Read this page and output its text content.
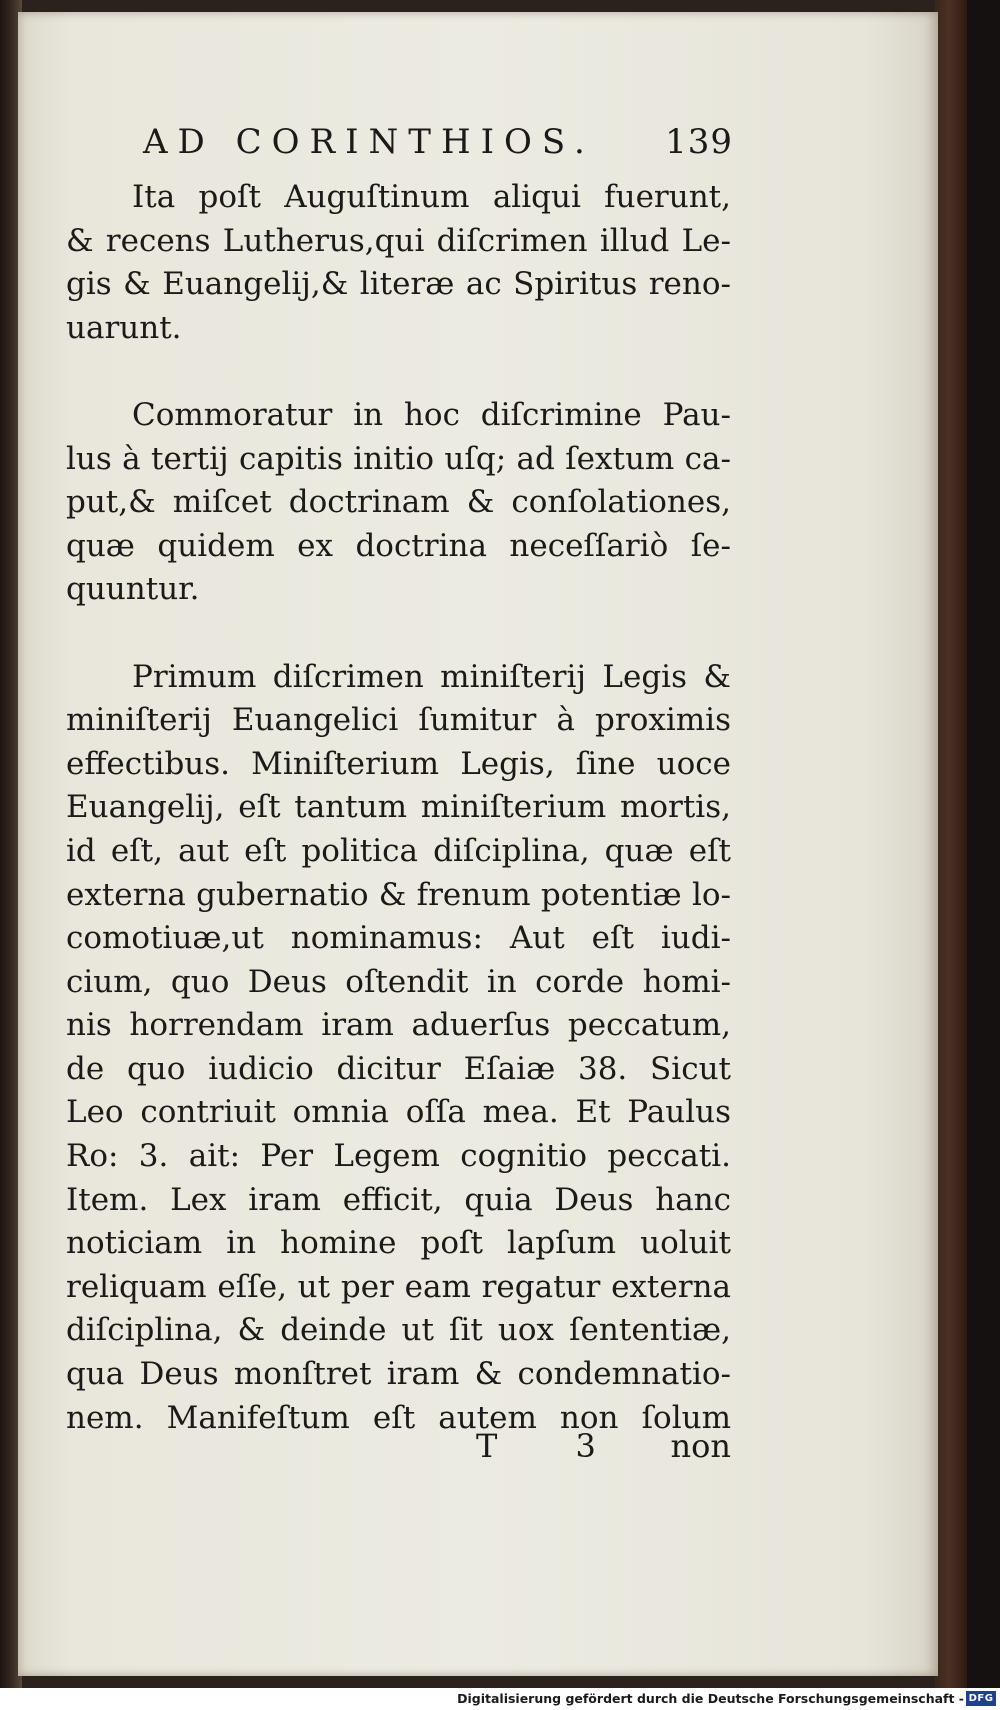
AD CORINTHIOS. 139

Ita poſt Auguſtinum aliqui fuerunt,
& recens Lutherus,qui diſcrimen illud Le-
gis & Euangelij,& literæ ac Spiritus reno-
uarunt.

Commoratur in hoc diſcrimine Pau-
lus à tertij capitis initio uſq; ad ſextum ca-
put,& miſcet doctrinam & conſolationes,
quæ quidem ex doctrina neceſſariò ſe-
quuntur.

Primum diſcrimen miniſterij Legis &
miniſterij Euangelici ſumitur à proximis
effectibus. Miniſterium Legis, ſine uoce
Euangelij, eſt tantum miniſterium mortis,
id eſt, aut eſt politica diſciplina, quæ eſt
externa gubernatio & frenum potentiæ lo-
comotiuæ,ut nominamus: Aut eſt iudi-
cium, quo Deus oſtendit in corde homi-
nis horrendam iram aduerſus peccatum,
de quo iudicio dicitur Eſaiæ 38. Sicut
Leo contriuit omnia oſſa mea. Et Paulus
Ro: 3. ait: Per Legem cognitio peccati.
Item. Lex iram efficit, quia Deus hanc
noticiam in homine poſt lapſum uoluit
reliquam eſſe, ut per eam regatur externa
diſciplina, & deinde ut ſit uox ſententiæ,
qua Deus monſtret iram & condemnatio-
nem. Manifeſtum eſt autem non ſolum

T 3 non
Digitalisierung gefördert durch die Deutsche Forschungsgemeinschaft - DFG
